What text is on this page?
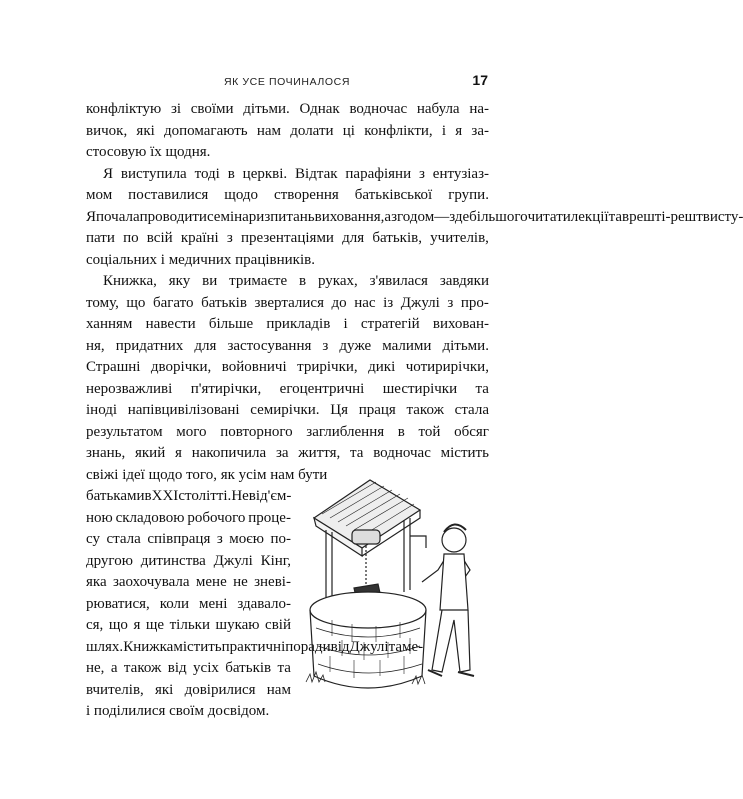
ЯК УСЕ ПОЧИНАЛОСЯ	17
конфліктую зі своїми дітьми. Однак водночас набула на-
вичок, які допомагають нам долати ці конфлікти, і я за-
стосовую їх щодня.
Я виступила тоді в церкві. Відтак парафіяни з ентузіаз-
мом поставилися щодо створення батьківської групи.
Я почала проводити семінари з питань виховання, а згодом — здебільшого читати лекції та врешті-решт висту-
пати по всій країні з презентаціями для батьків, учителів,
соціальних і медичних працівників.
Книжка, яку ви тримаєте в руках, з'явилася завдяки
тому, що багато батьків зверталися до нас із Джулі з про-
ханням навести більше прикладів і стратегій вихован-
ня, придатних для застосування з дуже малими дітьми.
Страшні дворічки, войовничі трирічки, дикі чотирирічки,
нерозважливі п'ятирічки, егоцентричні шестирічки та
іноді напівцивілізовані семирічки. Ця праця також стала
результатом мого повторного заглиблення в той обсяг
знань, який я накопичила за життя, та водночас містить
свіжі ідеї щодо того, як усім нам бути
батьками в XXI столітті. Невід'єм-
ною складовою робочого проце-
су стала співпраця з моєю по-
другою дитинства Джулі Кінг,
яка заохочувала мене не зневі-
рюватися, коли мені здавало-
ся, що я ще тільки шукаю свій
шлях. Книжка містить практичні поради від Джулі та ме-
не, а також від усіх батьків та
вчителів, які довірилися нам
і поділилися своїм досвідом.
